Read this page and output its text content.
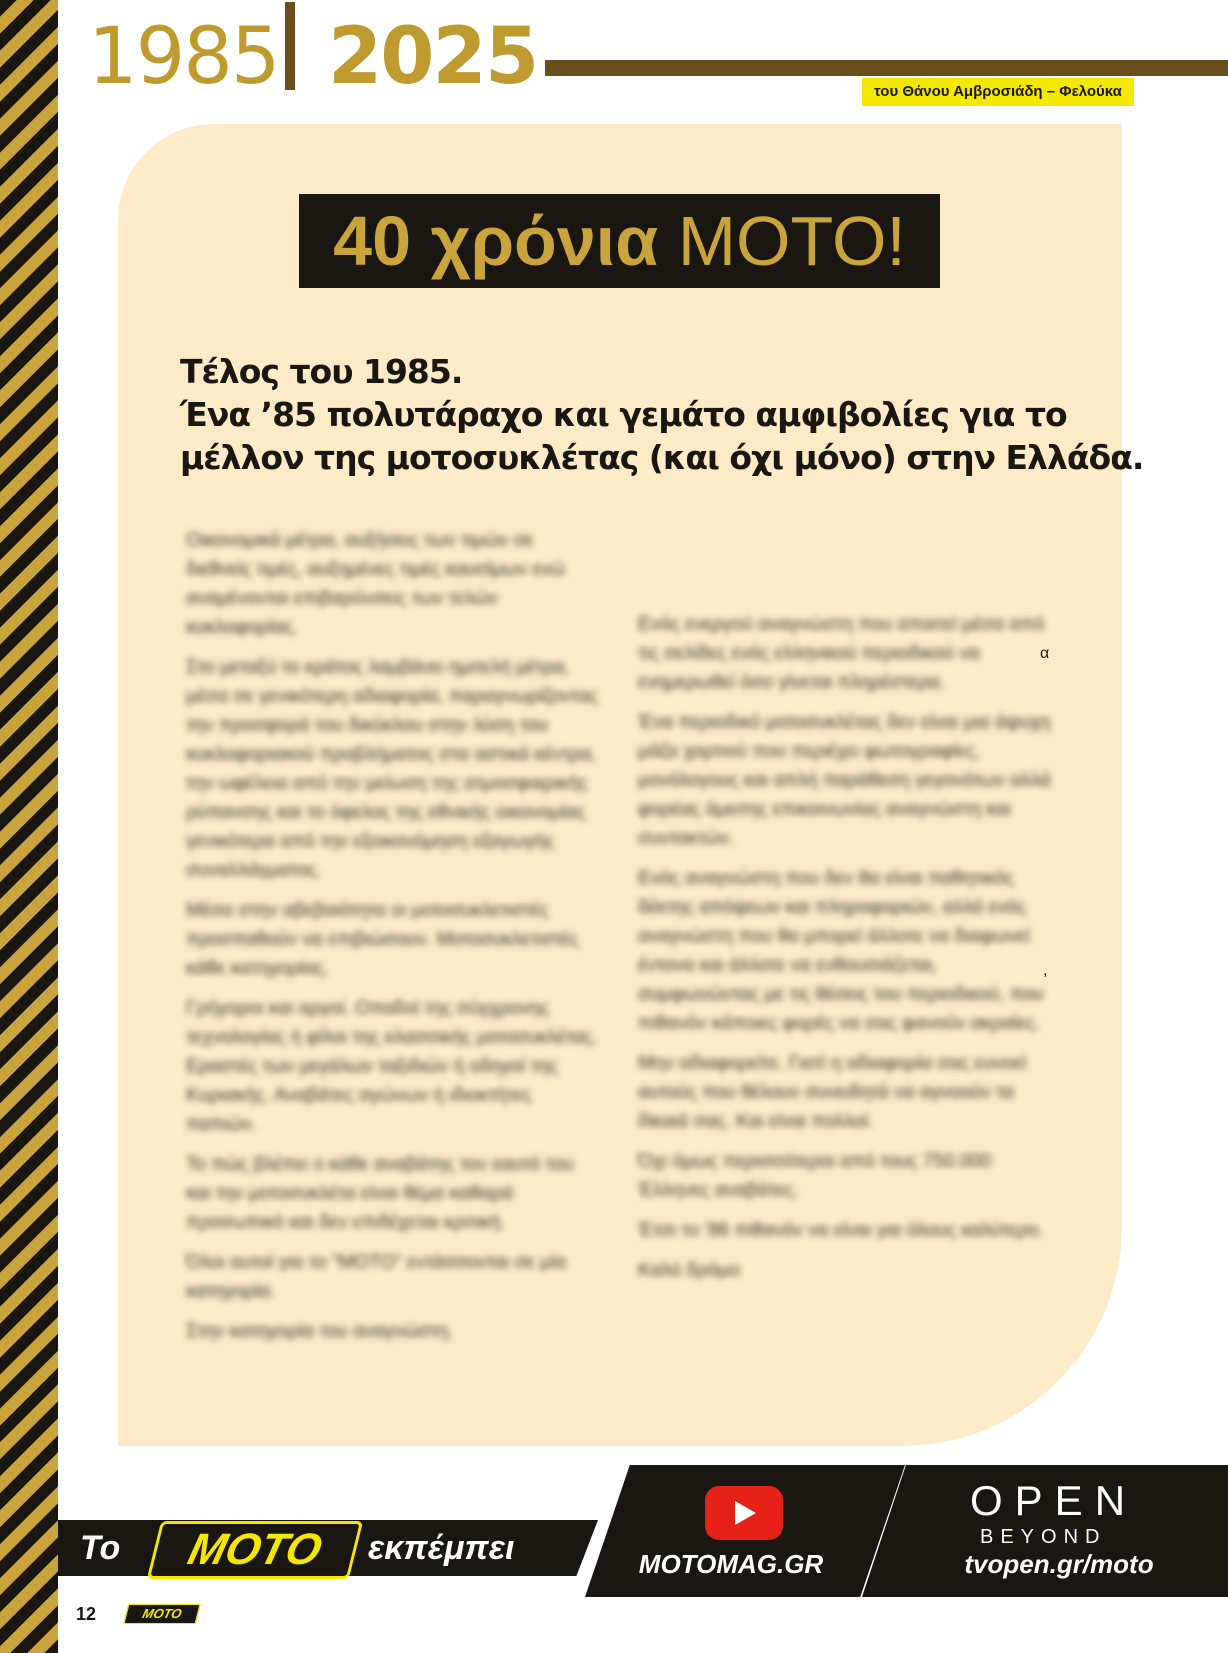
1985 2025	του Θάνου Αμβροσιάδη – Φελούκα
40 χρόνια ΜΟΤΟ!
Τέλος του 1985.
Ένα ’85 πολυτάραχο και γεμάτο αμφιβολίες για το
μέλλον της μοτοσυκλέτας (και όχι μόνο) στην Ελλάδα.

Οικονομικά μέτρα, αυξήσεις των τιμών σε διεθνείς τιμές, αυξημένες τιμές καυσίμων ενώ αναμένονται επιβαρύνσεις των τελών κυκλοφορίας.

Στο μεταξύ το κράτος λαμβάνει ημιτελή μέτρα, μέσα σε γενικότερη αδιαφορία, παραγνωρίζοντας την προσφορά του δικύκλου στην λύση του κυκλοφοριακού προβλήματος στα αστικά κέντρα, την ωφέλεια από την μείωση της ατμοσφαιρικής ρύπανσης και το όφελος της εθνικής οικονομίας γενικότερα από την εξοικονόμηση εξαγωγής συναλλάγματος.

Μέσα στην αβεβαιότητα οι μοτοσυκλετιστές προσπαθούν να επιβιώσουν. Μοτοσυκλετιστές κάθε κατηγορίας.

Γρήγοροι και αργοί. Οπαδοί της σύγχρονης τεχνολογίας ή φίλοι της κλασσικής μοτοσυκλέτας. Εραστές των μεγάλων ταξιδιών ή οδηγοί της Κυριακής. Αναβάτες αγώνων ή ιδιοκτήτες παπιών.

Το πώς βλέπει ο κάθε αναβάτης τον εαυτό του και την μοτοσυκλέτα είναι θέμα καθαρά προσωπικό και δεν επιδέχεται κριτική.

Όλοι αυτοί για το "ΜΟΤΟ" εντάσσονται σε μία κατηγορία.

Στην κατηγορία του αναγνώστη.

Ενός ενεργού αναγνώστη που απαιτεί μέσα από τις σελίδες ενός ελληνικού περιοδικού να ενημερωθεί όσο γίνεται πληρέστερα.

Ένα περιοδικό μοτοσυκλέτας δεν είναι μια άψυχη μάζα χαρτιού που περιέχει φωτογραφίες, μονόλογους και απλή παράθεση γεγονότων αλλά φορέας άμεσης επικοινωνίας αναγνώστη και συντακτών.

Ενός αναγνώστη που δεν θα είναι παθητικός δέκτης απόψεων και πληροφοριών, αλλά ενός αναγνώστη που θα μπορεί άλλοτε να διαφωνεί έντονα και άλλοτε να ενθουσιάζεται, συμφωνώντας με τις θέσεις του περιοδικού, που πιθανόν κάποιες φορές να σας φανούν ακραίες.

Μην αδιαφορείτε. Γιατί η αδιαφορία σας ευνοεί αυτούς που θέλουν συνειδητά να αγνοούν τα δίκαιά σας. Και είναι πολλοί.

Όχι όμως περισσότεροι από τους 750.000 Έλληνες αναβάτες.

Έτσι το '86 πιθανόν να είναι για όλους καλύτερο.

Καλό δρόμο

α
,
Το	MOTO	εκπέμπει	MOTOMAG.GR
OPEN
BEYOND
tvopen.gr/moto
12	MOTO
